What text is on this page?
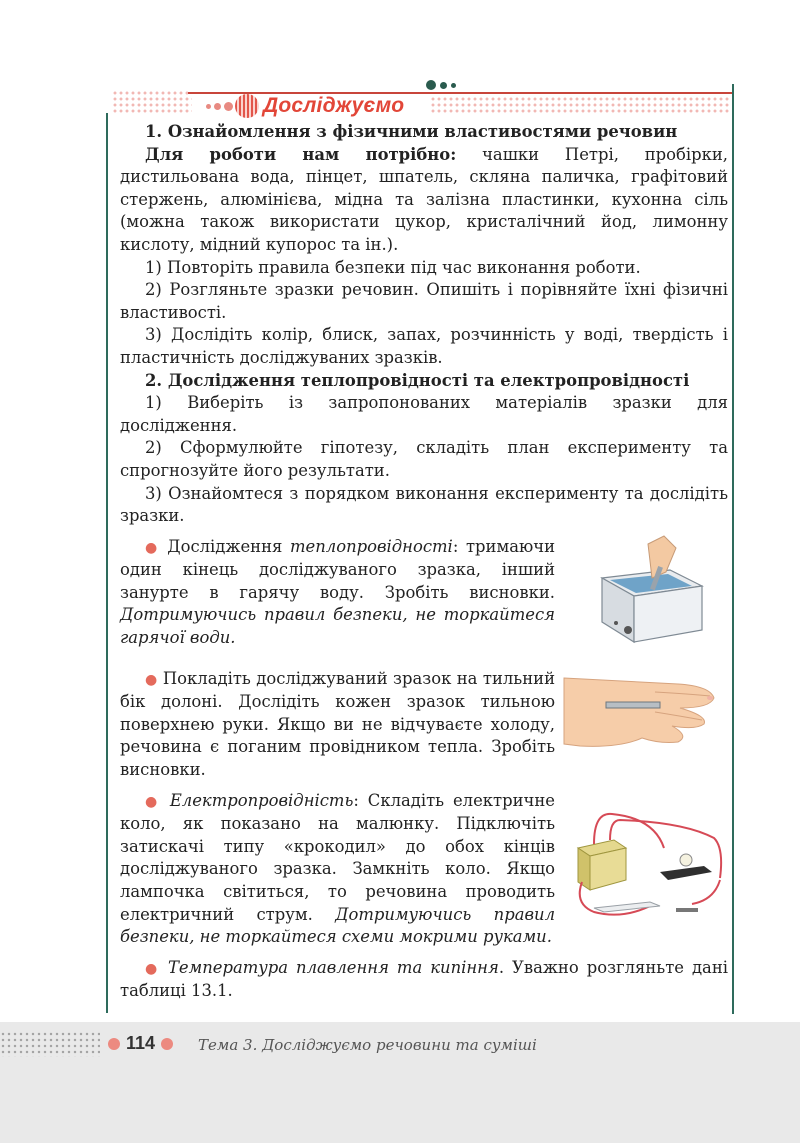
Досліджуємо

1. Ознайомлення з фізичними властивостями речовин

Для роботи нам потрібно: чашки Петрі, пробірки, дистильована вода, пінцет, шпатель, скляна паличка, графітовий стержень, алюмінієва, мідна та залізна пластинки, кухонна сіль (можна також використати цукор, кристалічний йод, лимонну кислоту, мідний купорос та ін.).

1) Повторіть правила безпеки під час виконання роботи.

2) Розгляньте зразки речовин. Опишіть і порівняйте їхні фізичні властивості.

3) Дослідіть колір, блиск, запах, розчинність у воді, твердість і пластичність досліджуваних зразків.

2. Дослідження теплопровідності та електропровідності

1) Виберіть із запропонованих матеріалів зразки для дослідження.

2) Сформулюйте гіпотезу, складіть план експерименту та спрогнозуйте його результати.

3) Ознайомтеся з порядком виконання експерименту та дослідіть зразки.

● Дослідження теплопровідності: тримаючи один кінець досліджуваного зразка, інший занурте в гарячу воду. Зробіть висновки. Дотримуючись правил безпеки, не торкайтеся гарячої води.

● Покладіть досліджуваний зразок на тильний бік долоні. Дослідіть кожен зразок тильною поверхнею руки. Якщо ви не відчуваєте холоду, речовина є поганим провідником тепла. Зробіть висновки.

● Електропровідність: Складіть електричне коло, як показано на малюнку. Підключіть затискачі типу «крокодил» до обох кінців досліджуваного зразка. Замкніть коло. Якщо лампочка світиться, то речовина проводить електричний струм. Дотримуючись правил безпеки, не торкайтеся схеми мокрими руками.

● Температура плавлення та кипіння. Уважно розгляньте дані таблиці 13.1.

114	Тема 3. Досліджуємо речовини та суміші
